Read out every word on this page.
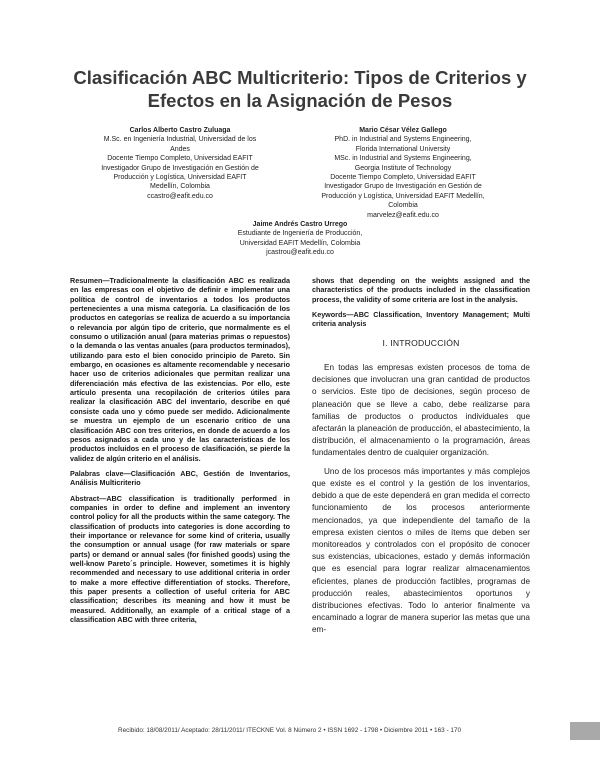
Clasificación ABC Multicriterio: Tipos de Criterios y Efectos en la Asignación de Pesos
Carlos Alberto Castro Zuluaga
M.Sc. en Ingeniería Industrial, Universidad de los Andes
Docente Tiempo Completo, Universidad EAFIT
Investigador Grupo de Investigación en Gestión de Producción y Logística, Universidad EAFIT
Medellín, Colombia
ccastro@eafit.edu.co
Mario César Vélez Gallego
PhD. in Industrial and Systems Engineering,
Florida International University
MSc. in Industrial and Systems Engineering,
Georgia Institute of Technology
Docente Tiempo Completo, Universidad EAFIT
Investigador Grupo de Investigación en Gestión de Producción y Logística, Universidad EAFIT Medellín, Colombia
marvelez@eafit.edu.co
Jaime Andrés Castro Urrego
Estudiante de Ingeniería de Producción,
Universidad EAFIT Medellín, Colombia
jcastrou@eafit.edu.co

Resumen—Tradicionalmente la clasificación ABC es realizada en las empresas con el objetivo de definir e implementar una política de control de inventarios a todos los productos pertenecientes a una misma categoría. La clasificación de los productos en categorías se realiza de acuerdo a su importancia o relevancia por algún tipo de criterio, que normalmente es el consumo o utilización anual (para materias primas o repuestos) o la demanda o las ventas anuales (para productos terminados), utilizando para esto el bien conocido principio de Pareto. Sin embargo, en ocasiones es altamente recomendable y necesario hacer uso de criterios adicionales que permitan realizar una diferenciación más efectiva de las existencias. Por ello, este artículo presenta una recopilación de criterios útiles para realizar la clasificación ABC del inventario, describe en qué consiste cada uno y cómo puede ser medido. Adicionalmente se muestra un ejemplo de un escenario crítico de una clasificación ABC con tres criterios, en donde de acuerdo a los pesos asignados a cada uno y de las características de los productos incluidos en el proceso de clasificación, se pierde la validez de algún criterio en el análisis.

Palabras clave—Clasificación ABC, Gestión de Inventarios, Análisis Multicriterio

Abstract—ABC classification is traditionally performed in companies in order to define and implement an inventory control policy for all the products within the same category. The classification of products into categories is done according to their importance or relevance for some kind of criteria, usually the consumption or annual usage (for raw materials or spare parts) or demand or annual sales (for finished goods) using the well-know Pareto´s principle. However, sometimes it is highly recommended and necessary to use additional criteria in order to make a more effective differentiation of stocks. Therefore, this paper presents a collection of useful criteria for ABC classification; describes its meaning and how it must be measured. Additionally, an example of a critical stage of a classification ABC with three criteria,

shows that depending on the weights assigned and the characteristics of the products included in the classification process, the validity of some criteria are lost in the analysis.

Keywords—ABC Classification, Inventory Management; Multi criteria analysis

I. INTRODUCCIÓN

En todas las empresas existen procesos de toma de decisiones que involucran una gran cantidad de productos o servicios. Este tipo de decisiones, según proceso de planeación que se lleve a cabo, debe realizarse para familias de productos o productos individuales que afectarán la planeación de producción, el abastecimiento, la distribución, el almacenamiento o la programación, áreas fundamentales dentro de cualquier organización.

Uno de los procesos más importantes y más complejos que existe es el control y la gestión de los inventarios, debido a que de este dependerá en gran medida el correcto funcionamiento de los procesos anteriormente mencionados, ya que independiente del tamaño de la empresa existen cientos o miles de ítems que deben ser monitoreados y controlados con el propósito de conocer sus existencias, ubicaciones, estado y demás información que es esencial para lograr realizar almacenamientos eficientes, planes de producción factibles, programas de producción reales, abastecimientos oportunos y distribuciones efectivas. Todo lo anterior finalmente va encaminado a lograr de manera superior las metas que una em-

Recibido: 18/08/2011/ Aceptado: 28/11/2011/ ITECKNE Vol. 8 Número 2 • ISSN 1692 - 1798 • Diciembre 2011 • 163 - 170
